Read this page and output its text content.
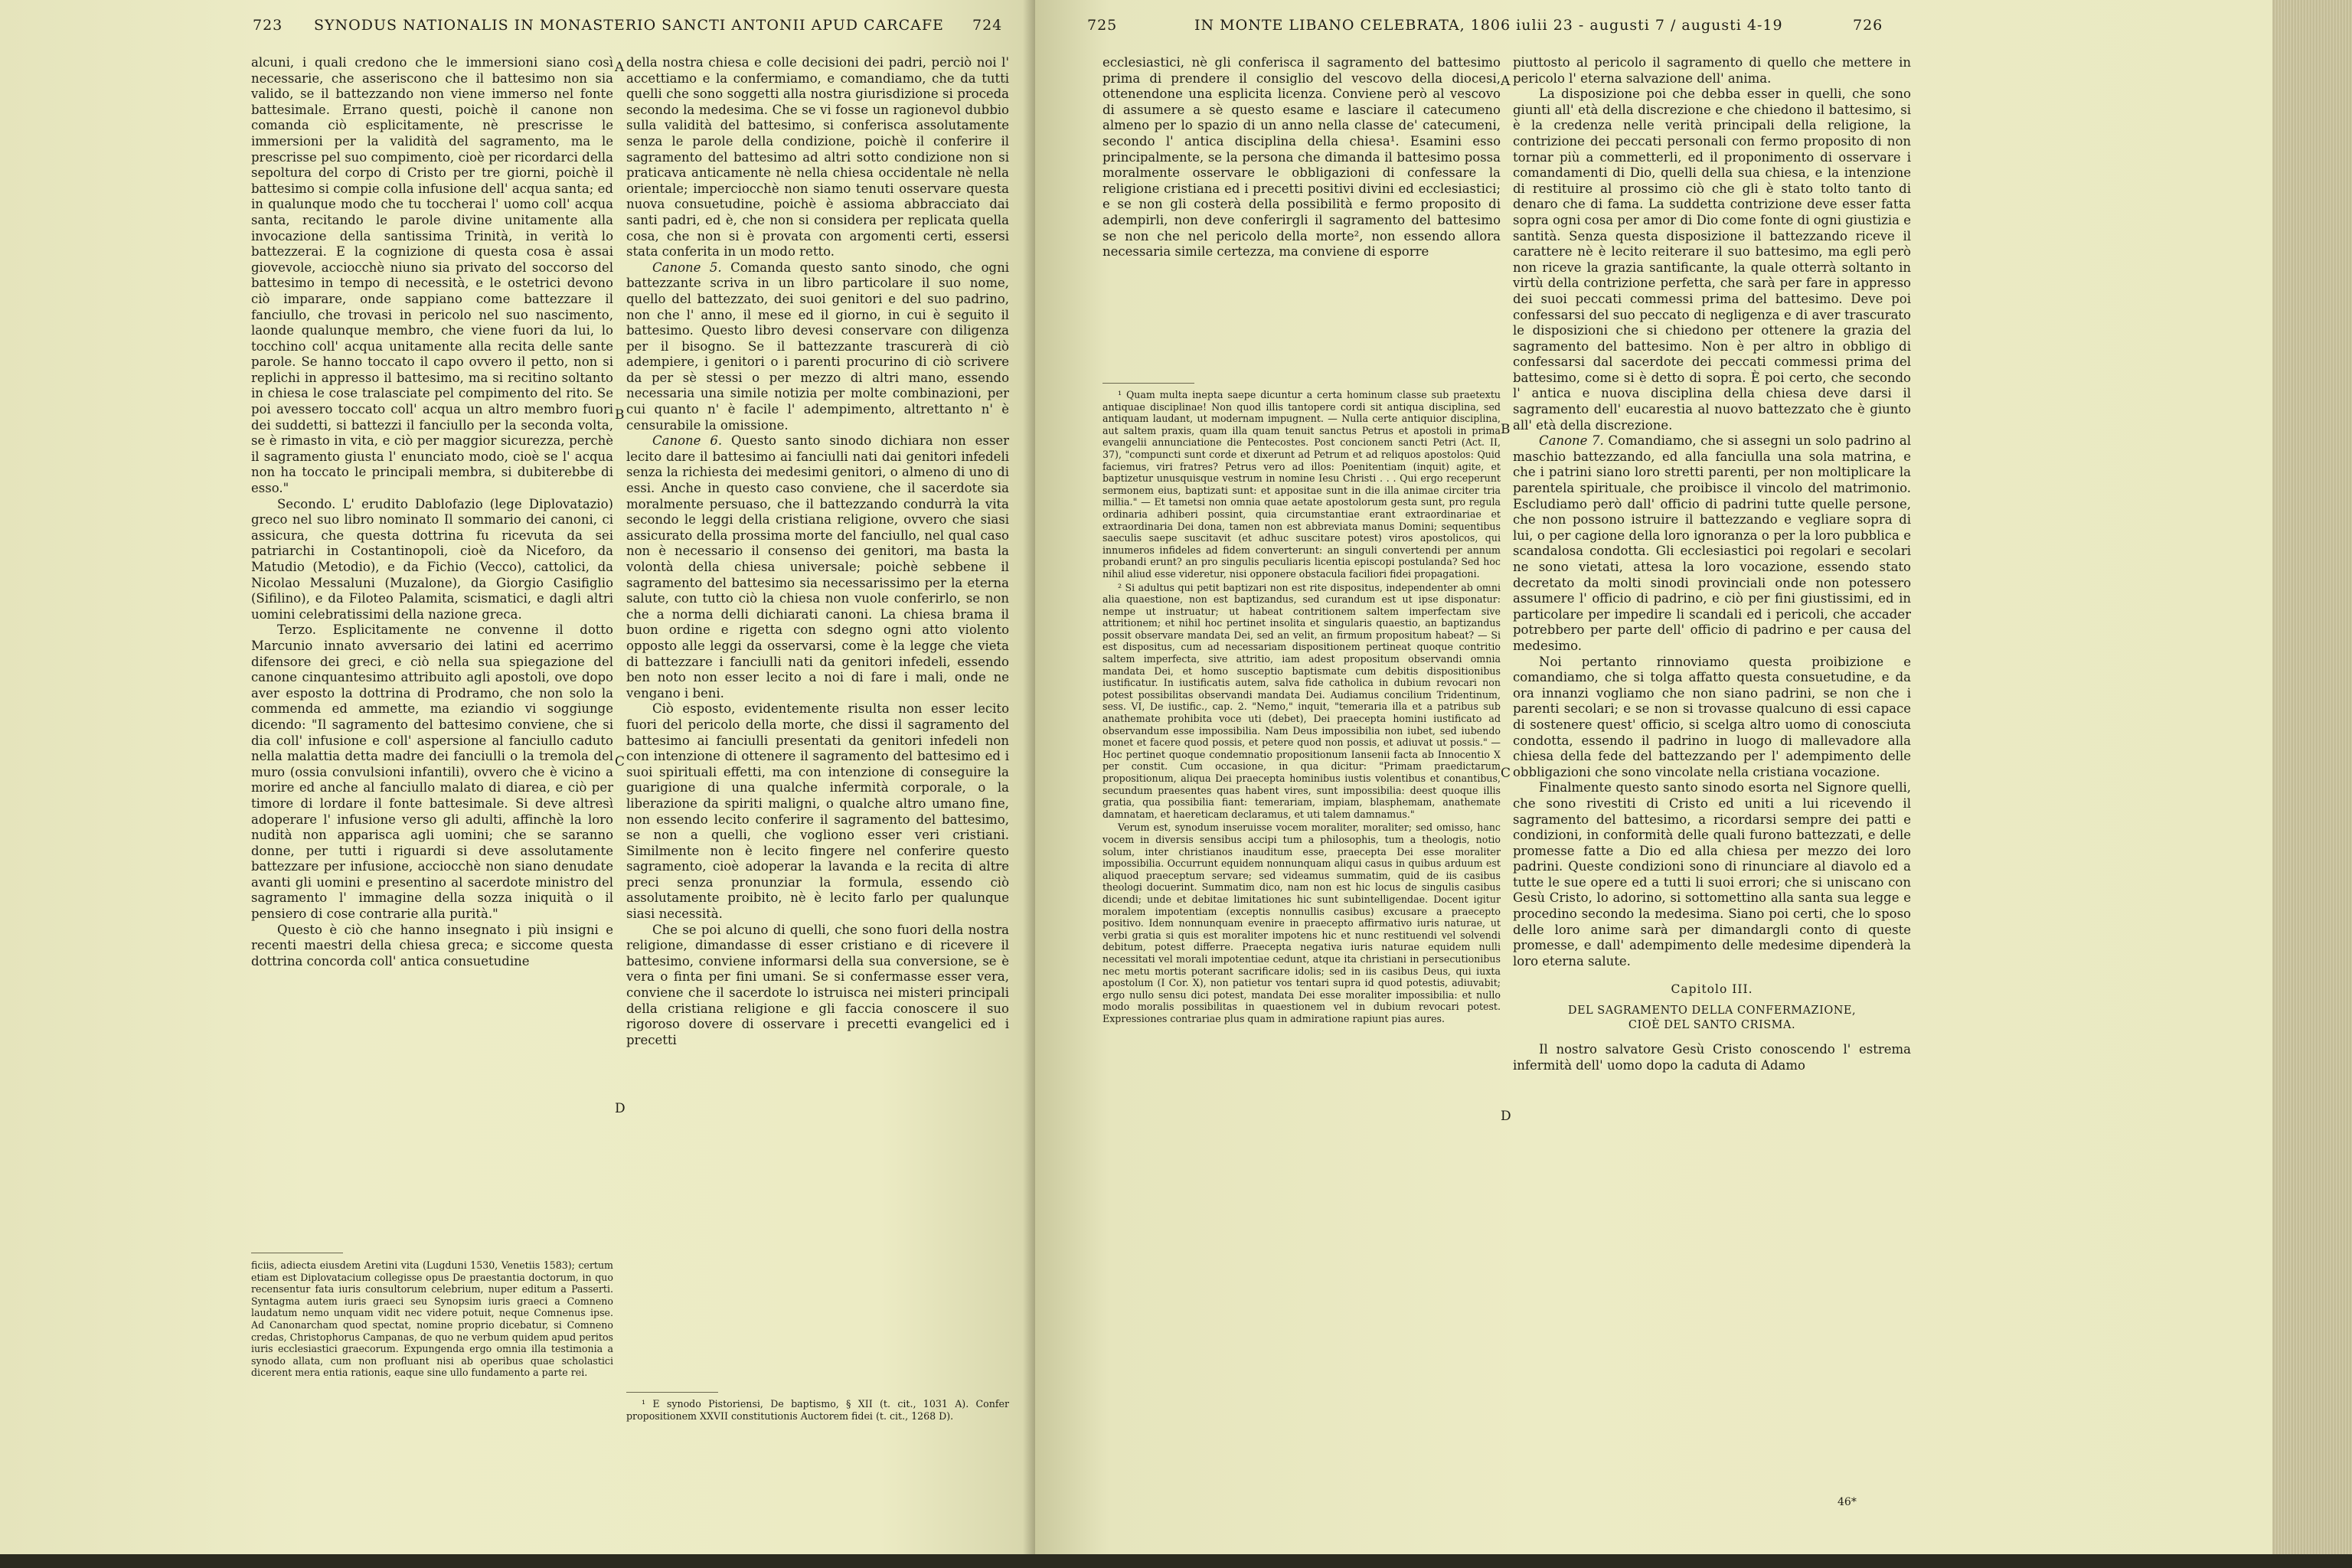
723 SYNODUS NATIONALIS IN MONASTERIO SANCTI ANTONII APUD CARCAFE 724

alcuni, i quali credono che le immersioni siano così necessarie, che asseriscono che il battesimo non sia valido, se il battezzando non viene immerso nel fonte battesimale. Errano questi, poichè il canone non comanda ciò esplicitamente, nè prescrisse le immersioni per la validità del sagramento, ma le prescrisse pel suo compimento, cioè per ricordarci della sepoltura del corpo di Cristo per tre giorni, poichè il battesimo si compie colla infusione dell' acqua santa; ed in qualunque modo che tu toccherai l' uomo coll' acqua santa, recitando le parole divine unitamente alla invocazione della santissima Trinità, in verità lo battezzerai. E la cognizione di questa cosa è assai giovevole, acciocchè niuno sia privato del soccorso del battesimo in tempo di necessità, e le ostetrici devono ciò imparare, onde sappiano come battezzare il fanciullo, che trovasi in pericolo nel suo nascimento, laonde qualunque membro, che viene fuori da lui, lo tocchino coll' acqua unitamente alla recita delle sante parole. Se hanno toccato il capo ovvero il petto, non si replichi in appresso il battesimo, ma si recitino soltanto in chiesa le cose tralasciate pel compimento del rito. Se poi avessero toccato coll' acqua un altro membro fuori dei suddetti, si battezzi il fanciullo per la seconda volta, se è rimasto in vita, e ciò per maggior sicurezza, perchè il sagramento giusta l' enunciato modo, cioè se l' acqua non ha toccato le principali membra, si dubiterebbe di esso."

Secondo. L' erudito Dablofazio (lege Diplovatazio) greco nel suo libro nominato Il sommario dei canoni, ci assicura, che questa dottrina fu ricevuta da sei patriarchi in Costantinopoli, cioè da Niceforo, da Matudio (Metodio), e da Fichio (Vecco), cattolici, da Nicolao Messaluni (Muzalone), da Giorgio Casifiglio (Sifilino), e da Filoteo Palamita, scismatici, e dagli altri uomini celebratissimi della nazione greca.

Terzo. Esplicitamente ne convenne il dotto Marcunio innato avversario dei latini ed acerrimo difensore dei greci, e ciò nella sua spiegazione del canone cinquantesimo attribuito agli apostoli, ove dopo aver esposto la dottrina di Prodramo, che non solo la commenda ed ammette, ma eziandio vi soggiunge dicendo: "Il sagramento del battesimo conviene, che si dia coll' infusione e coll' aspersione al fanciullo caduto nella malattia detta madre dei fanciulli o la tremola del muro (ossia convulsioni infantili), ovvero che è vicino a morire ed anche al fanciullo malato di diarea, e ciò per timore di lordare il fonte battesimale. Si deve altresì adoperare l' infusione verso gli adulti, affinchè la loro nudità non apparisca agli uomini; che se saranno donne, per tutti i riguardi si deve assolutamente battezzare per infusione, acciocchè non siano denudate avanti gli uomini e presentino al sacerdote ministro del sagramento l' immagine della sozza iniquità o il pensiero di cose contrarie alla purità."

Questo è ciò che hanno insegnato i più insigni e recenti maestri della chiesa greca; e siccome questa dottrina concorda coll' antica consuetudine

A
B
C
D

della nostra chiesa e colle decisioni dei padri, perciò noi l' accettiamo e la confermiamo, e comandiamo, che da tutti quelli che sono soggetti alla nostra giurisdizione si proceda secondo la medesima. Che se vi fosse un ragionevol dubbio sulla validità del battesimo, si conferisca assolutamente senza le parole della condizione, poichè il conferire il sagramento del battesimo ad altri sotto condizione non si praticava anticamente nè nella chiesa occidentale nè nella orientale; imperciocchè non siamo tenuti osservare questa nuova consuetudine, poichè è assioma abbracciato dai santi padri, ed è, che non si considera per replicata quella cosa, che non si è provata con argomenti certi, essersi stata conferita in un modo retto.

Canone 5. Comanda questo santo sinodo, che ogni battezzante scriva in un libro particolare il suo nome, quello del battezzato, dei suoi genitori e del suo padrino, non che l' anno, il mese ed il giorno, in cui è seguito il battesimo. Questo libro devesi conservare con diligenza per il bisogno. Se il battezzante trascurerà di ciò adempiere, i genitori o i parenti procurino di ciò scrivere da per sè stessi o per mezzo di altri mano, essendo necessaria una simile notizia per molte combinazioni, per cui quanto n' è facile l' adempimento, altrettanto n' è censurabile la omissione.

Canone 6. Questo santo sinodo dichiara non esser lecito dare il battesimo ai fanciulli nati dai genitori infedeli senza la richiesta dei medesimi genitori, o almeno di uno di essi. Anche in questo caso conviene, che il sacerdote sia moralmente persuaso, che il battezzando condurrà la vita secondo le leggi della cristiana religione, ovvero che siasi assicurato della prossima morte del fanciullo, nel qual caso non è necessario il consenso dei genitori, ma basta la volontà della chiesa universale; poichè sebbene il sagramento del battesimo sia necessarissimo per la eterna salute, con tutto ciò la chiesa non vuole conferirlo, se non che a norma delli dichiarati canoni. La chiesa brama il buon ordine e rigetta con sdegno ogni atto violento opposto alle leggi da osservarsi, come è la legge che vieta di battezzare i fanciulli nati da genitori infedeli, essendo ben noto non esser lecito a noi di fare i mali, onde ne vengano i beni.

Ciò esposto, evidentemente risulta non esser lecito fuori del pericolo della morte, che dissi il sagramento del battesimo ai fanciulli presentati da genitori infedeli non con intenzione di ottenere il sagramento del battesimo ed i suoi spirituali effetti, ma con intenzione di conseguire la guarigione di una qualche infermità corporale, o la liberazione da spiriti maligni, o qualche altro umano fine, non essendo lecito conferire il sagramento del battesimo, se non a quelli, che vogliono esser veri cristiani. Similmente non è lecito fingere nel conferire questo sagramento, cioè adoperar la lavanda e la recita di altre preci senza pronunziar la formula, essendo ciò assolutamente proibito, nè è lecito farlo per qualunque siasi necessità.

Che se poi alcuno di quelli, che sono fuori della nostra religione, dimandasse di esser cristiano e di ricevere il battesimo, conviene informarsi della sua conversione, se è vera o finta per fini umani. Se si confermasse esser vera, conviene che il sacerdote lo istruisca nei misteri principali della cristiana religione e gli faccia conoscere il suo rigoroso dovere di osservare i precetti evangelici ed i precetti

ficiis, adiecta eiusdem Aretini vita (Lugduni 1530, Venetiis 1583); certum etiam est Diplovatacium collegisse opus De praestantia doctorum, in quo recensentur fata iuris consultorum celebrium, nuper editum a Passerti. Syntagma autem iuris graeci seu Synopsim iuris graeci a Comneno laudatum nemo unquam vidit nec videre potuit, neque Comnenus ipse. Ad Canonarcham quod spectat, nomine proprio dicebatur, si Comneno credas, Christophorus Campanas, de quo ne verbum quidem apud peritos iuris ecclesiastici graecorum. Expungenda ergo omnia illa testimonia a synodo allata, cum non profluant nisi ab operibus quae scholastici dicerent mera entia rationis, eaque sine ullo fundamento a parte rei.

¹ E synodo Pistoriensi, De baptismo, § XII (t. cit., 1031 A). Confer propositionem XXVII constitutionis Auctorem fidei (t. cit., 1268 D).

725	IN MONTE LIBANO CELEBRATA, 1806 iulii 23 - augusti 7 / augusti 4-19	726

ecclesiastici, nè gli conferisca il sagramento del battesimo prima di prendere il consiglio del vescovo della diocesi, ottenendone una esplicita licenza. Conviene però al vescovo di assumere a sè questo esame e lasciare il catecumeno almeno per lo spazio di un anno nella classe de' catecumeni, secondo l' antica disciplina della chiesa¹. Esamini esso principalmente, se la persona che dimanda il battesimo possa moralmente osservare le obbligazioni di confessare la religione cristiana ed i precetti positivi divini ed ecclesiastici; e se non gli costerà della possibilità e fermo proposito di adempirli, non deve conferirgli il sagramento del battesimo se non che nel pericolo della morte², non essendo allora necessaria simile certezza, ma conviene di esporre

¹ Quam multa inepta saepe dicuntur a certa hominum classe sub praetextu antiquae disciplinae! Non quod illis tantopere cordi sit antiqua disciplina, sed antiquam laudant, ut modernam impugnent. — Nulla certe antiquior disciplina, aut saltem praxis, quam illa quam tenuit sanctus Petrus et apostoli in prima evangelii annunciatione die Pentecostes. Post concionem sancti Petri (Act. II, 37), "compuncti sunt corde et dixerunt ad Petrum et ad reliquos apostolos: Quid faciemus, viri fratres? Petrus vero ad illos: Poenitentiam (inquit) agite, et baptizetur unusquisque vestrum in nomine Iesu Christi . . . Qui ergo receperunt sermonem eius, baptizati sunt: et appositae sunt in die illa animae circiter tria millia." — Et tametsi non omnia quae aetate apostolorum gesta sunt, pro regula ordinaria adhiberi possint, quia circumstantiae erant extraordinariae et extraordinaria Dei dona, tamen non est abbreviata manus Domini; sequentibus saeculis saepe suscitavit (et adhuc suscitare potest) viros apostolicos, qui innumeros infideles ad fidem converterunt: an singuli convertendi per annum probandi erunt? an pro singulis peculiaris licentia episcopi postulanda? Sed hoc nihil aliud esse videretur, nisi opponere obstacula faciliori fidei propagationi.

² Si adultus qui petit baptizari non est rite dispositus, independenter ab omni alia quaestione, non est baptizandus, sed curandum est ut ipse disponatur: nempe ut instruatur; ut habeat contritionem saltem imperfectam sive attritionem; et nihil hoc pertinet insolita et singularis quaestio, an baptizandus possit observare mandata Dei, sed an velit, an firmum propositum habeat? — Si est dispositus, cum ad necessariam dispositionem pertineat quoque contritio saltem imperfecta, sive attritio, iam adest propositum observandi omnia mandata Dei, et homo susceptio baptismate cum debitis dispositionibus iustificatur. In iustificatis autem, salva fide catholica in dubium revocari non potest possibilitas observandi mandata Dei. Audiamus concilium Tridentinum, sess. VI, De iustific., cap. 2. "Nemo," inquit, "temeraria illa et a patribus sub anathemate prohibita voce uti (debet), Dei praecepta homini iustificato ad observandum esse impossibilia. Nam Deus impossibilia non iubet, sed iubendo monet et facere quod possis, et petere quod non possis, et adiuvat ut possis." — Hoc pertinet quoque condemnatio propositionum Iansenii facta ab Innocentio X per constit. Cum occasione, in qua dicitur: "Primam praedictarum propositionum, aliqua Dei praecepta hominibus iustis volentibus et conantibus, secundum praesentes quas habent vires, sunt impossibilia: deest quoque illis gratia, qua possibilia fiant: temerariam, impiam, blasphemam, anathemate damnatam, et haereticam declaramus, et uti talem damnamus."

Verum est, synodum inseruisse vocem moraliter, moraliter; sed omisso, hanc vocem in diversis sensibus accipi tum a philosophis, tum a theologis, notio solum, inter christianos inauditum esse, praecepta Dei esse moraliter impossibilia. Occurrunt equidem nonnunquam aliqui casus in quibus arduum est aliquod praeceptum servare; sed videamus summatim, quid de iis casibus theologi docuerint. Summatim dico, nam non est hic locus de singulis casibus dicendi; unde et debitae limitationes hic sunt subintelligendae. Docent igitur moralem impotentiam (exceptis nonnullis casibus) excusare a praecepto positivo. Idem nonnunquam evenire in praecepto affirmativo iuris naturae, ut verbi gratia si quis est moraliter impotens hic et nunc restituendi vel solvendi debitum, potest differre. Praecepta negativa iuris naturae equidem nulli necessitati vel morali impotentiae cedunt, atque ita christiani in persecutionibus nec metu mortis poterant sacrificare idolis; sed in iis casibus Deus, qui iuxta apostolum (I Cor. X), non patietur vos tentari supra id quod potestis, adiuvabit; ergo nullo sensu dici potest, mandata Dei esse moraliter impossibilia: et nullo modo moralis possibilitas in quaestionem vel in dubium revocari potest. Expressiones contrariae plus quam in admiratione rapiunt pias aures.

A
B
C
D

piuttosto al pericolo il sagramento di quello che mettere in pericolo l' eterna salvazione dell' anima.

La disposizione poi che debba esser in quelli, che sono giunti all' età della discrezione e che chiedono il battesimo, si è la credenza nelle verità principali della religione, la contrizione dei peccati personali con fermo proposito di non tornar più a commetterli, ed il proponimento di osservare i comandamenti di Dio, quelli della sua chiesa, e la intenzione di restituire al prossimo ciò che gli è stato tolto tanto di denaro che di fama. La suddetta contrizione deve esser fatta sopra ogni cosa per amor di Dio come fonte di ogni giustizia e santità. Senza questa disposizione il battezzando riceve il carattere nè è lecito reiterare il suo battesimo, ma egli però non riceve la grazia santificante, la quale otterrà soltanto in virtù della contrizione perfetta, che sarà per fare in appresso dei suoi peccati commessi prima del battesimo. Deve poi confessarsi del suo peccato di negligenza e di aver trascurato le disposizioni che si chiedono per ottenere la grazia del sagramento del battesimo. Non è per altro in obbligo di confessarsi dal sacerdote dei peccati commessi prima del battesimo, come si è detto di sopra. È poi certo, che secondo l' antica e nuova disciplina della chiesa deve darsi il sagramento dell' eucarestia al nuovo battezzato che è giunto all' età della discrezione.

Canone 7. Comandiamo, che si assegni un solo padrino al maschio battezzando, ed alla fanciulla una sola matrina, e che i patrini siano loro stretti parenti, per non moltiplicare la parentela spirituale, che proibisce il vincolo del matrimonio. Escludiamo però dall' officio di padrini tutte quelle persone, che non possono istruire il battezzando e vegliare sopra di lui, o per cagione della loro ignoranza o per la loro pubblica e scandalosa condotta. Gli ecclesiastici poi regolari e secolari ne sono vietati, attesa la loro vocazione, essendo stato decretato da molti sinodi provinciali onde non potessero assumere l' officio di padrino, e ciò per fini giustissimi, ed in particolare per impedire li scandali ed i pericoli, che accader potrebbero per parte dell' officio di padrino e per causa del medesimo.

Noi pertanto rinnoviamo questa proibizione e comandiamo, che si tolga affatto questa consuetudine, e da ora innanzi vogliamo che non siano padrini, se non che i parenti secolari; e se non si trovasse qualcuno di essi capace di sostenere quest' officio, si scelga altro uomo di conosciuta condotta, essendo il padrino in luogo di mallevadore alla chiesa della fede del battezzando per l' adempimento delle obbligazioni che sono vincolate nella cristiana vocazione.

Finalmente questo santo sinodo esorta nel Signore quelli, che sono rivestiti di Cristo ed uniti a lui ricevendo il sagramento del battesimo, a ricordarsi sempre dei patti e condizioni, in conformità delle quali furono battezzati, e delle promesse fatte a Dio ed alla chiesa per mezzo dei loro padrini. Queste condizioni sono di rinunciare al diavolo ed a tutte le sue opere ed a tutti li suoi errori; che si uniscano con Gesù Cristo, lo adorino, si sottomettino alla santa sua legge e procedino secondo la medesima. Siano poi certi, che lo sposo delle loro anime sarà per dimandargli conto di queste promesse, e dall' adempimento delle medesime dipenderà la loro eterna salute.

Capitolo III.
DEL SAGRAMENTO DELLA CONFERMAZIONE,
CIOÈ DEL SANTO CRISMA.

Il nostro salvatore Gesù Cristo conoscendo l' estrema infermità dell' uomo dopo la caduta di Adamo

46*
